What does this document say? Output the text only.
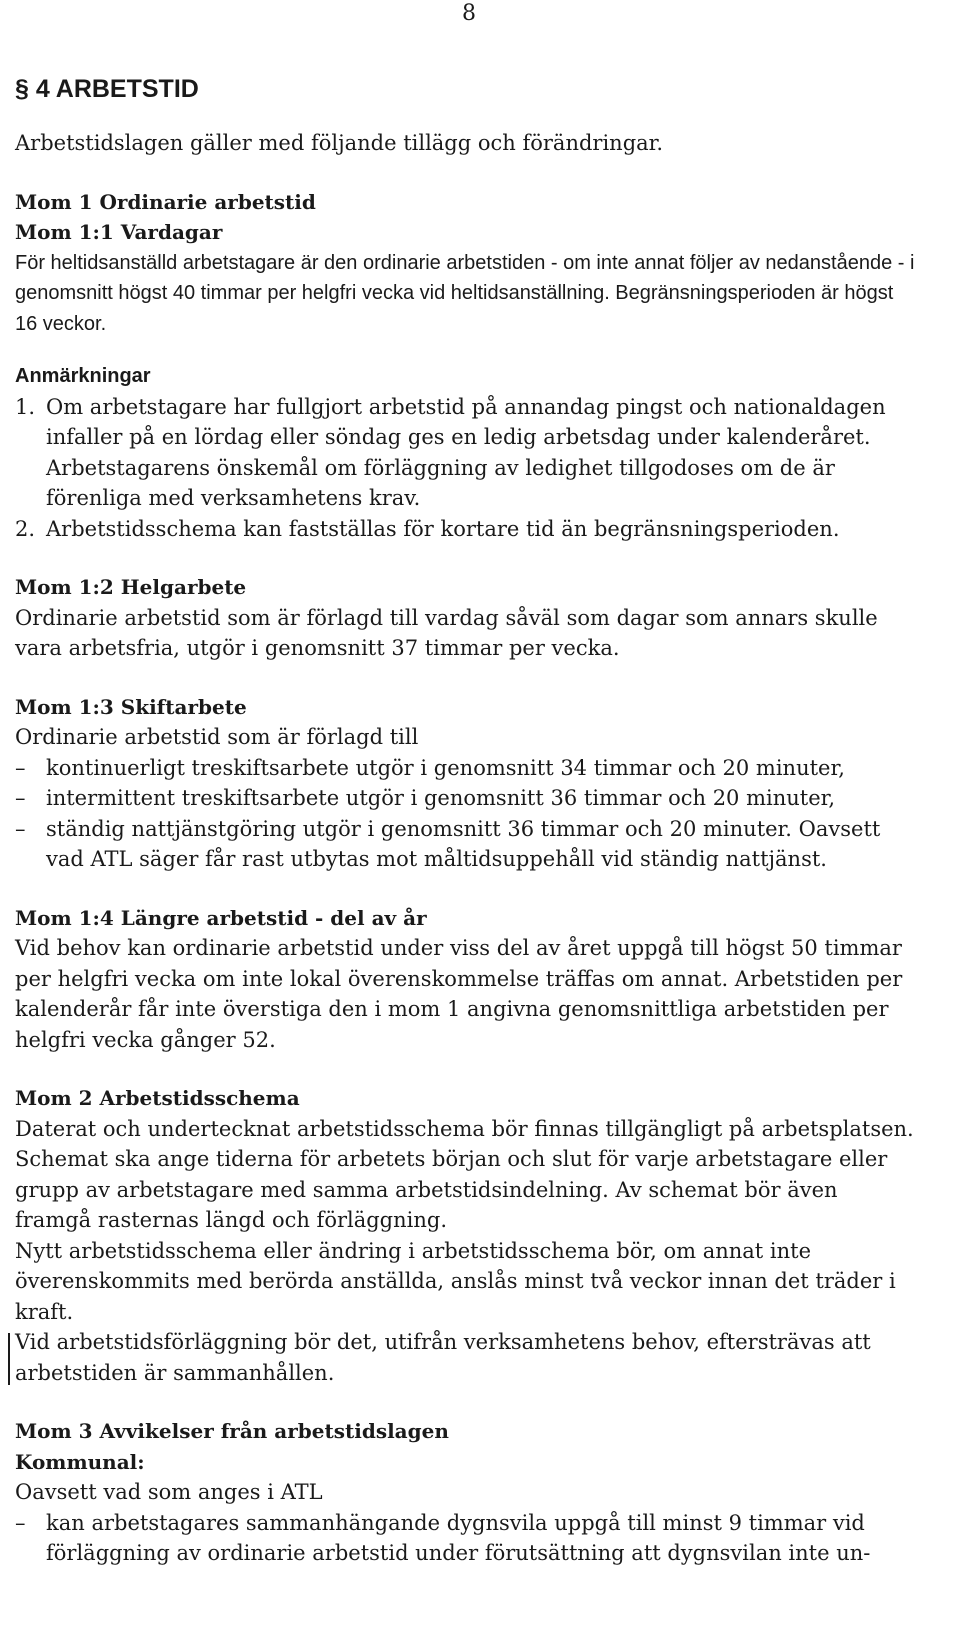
8
§ 4 ARBETSTID

Arbetstidslagen gäller med följande tillägg och förändringar.

Mom 1 Ordinarie arbetstid
Mom 1:1 Vardagar

För heltidsanställd arbetstagare är den ordinarie arbetstiden - om inte annat följer av nedanstående - i genomsnitt högst 40 timmar per helgfri vecka vid heltidsanställning. Begränsningsperioden är högst 16 veckor.

Anmärkningar
1. Om arbetstagare har fullgjort arbetstid på annandag pingst och nationaldagen infaller på en lördag eller söndag ges en ledig arbetsdag under kalenderåret. Arbetstagarens önskemål om förläggning av ledighet tillgodoses om de är förenliga med verksamhetens krav.
2. Arbetstidsschema kan fastställas för kortare tid än begränsningsperioden.
Mom 1:2 Helgarbete

Ordinarie arbetstid som är förlagd till vardag såväl som dagar som annars skulle vara arbetsfria, utgör i genomsnitt 37 timmar per vecka.

Mom 1:3 Skiftarbete

Ordinarie arbetstid som är förlagd till

– kontinuerligt treskiftsarbete utgör i genomsnitt 34 timmar och 20 minuter,
– intermittent treskiftsarbete utgör i genomsnitt 36 timmar och 20 minuter,
– ständig nattjänstgöring utgör i genomsnitt 36 timmar och 20 minuter. Oavsett vad ATL säger får rast utbytas mot måltidsuppehåll vid ständig nattjänst.
Mom 1:4 Längre arbetstid - del av år

Vid behov kan ordinarie arbetstid under viss del av året uppgå till högst 50 timmar per helgfri vecka om inte lokal överenskommelse träffas om annat. Arbetstiden per kalenderår får inte överstiga den i mom 1 angivna genomsnittliga arbetstiden per helgfri vecka gånger 52.

Mom 2 Arbetstidsschema

Daterat och undertecknat arbetstidsschema bör finnas tillgängligt på arbetsplatsen. Schemat ska ange tiderna för arbetets början och slut för varje arbetstagare eller grupp av arbetstagare med samma arbetstidsindelning. Av schemat bör även framgå rasternas längd och förläggning.

Nytt arbetstidsschema eller ändring i arbetstidsschema bör, om annat inte överenskommits med berörda anställda, anslås minst två veckor innan det träder i kraft.

Vid arbetstidsförläggning bör det, utifrån verksamhetens behov, eftersträvas att arbetstiden är sammanhållen.

Mom 3 Avvikelser från arbetstidslagen
Kommunal:

Oavsett vad som anges i ATL

– kan arbetstagares sammanhängande dygnsvila uppgå till minst 9 timmar vid förläggning av ordinarie arbetstid under förutsättning att dygnsvilan inte un-
